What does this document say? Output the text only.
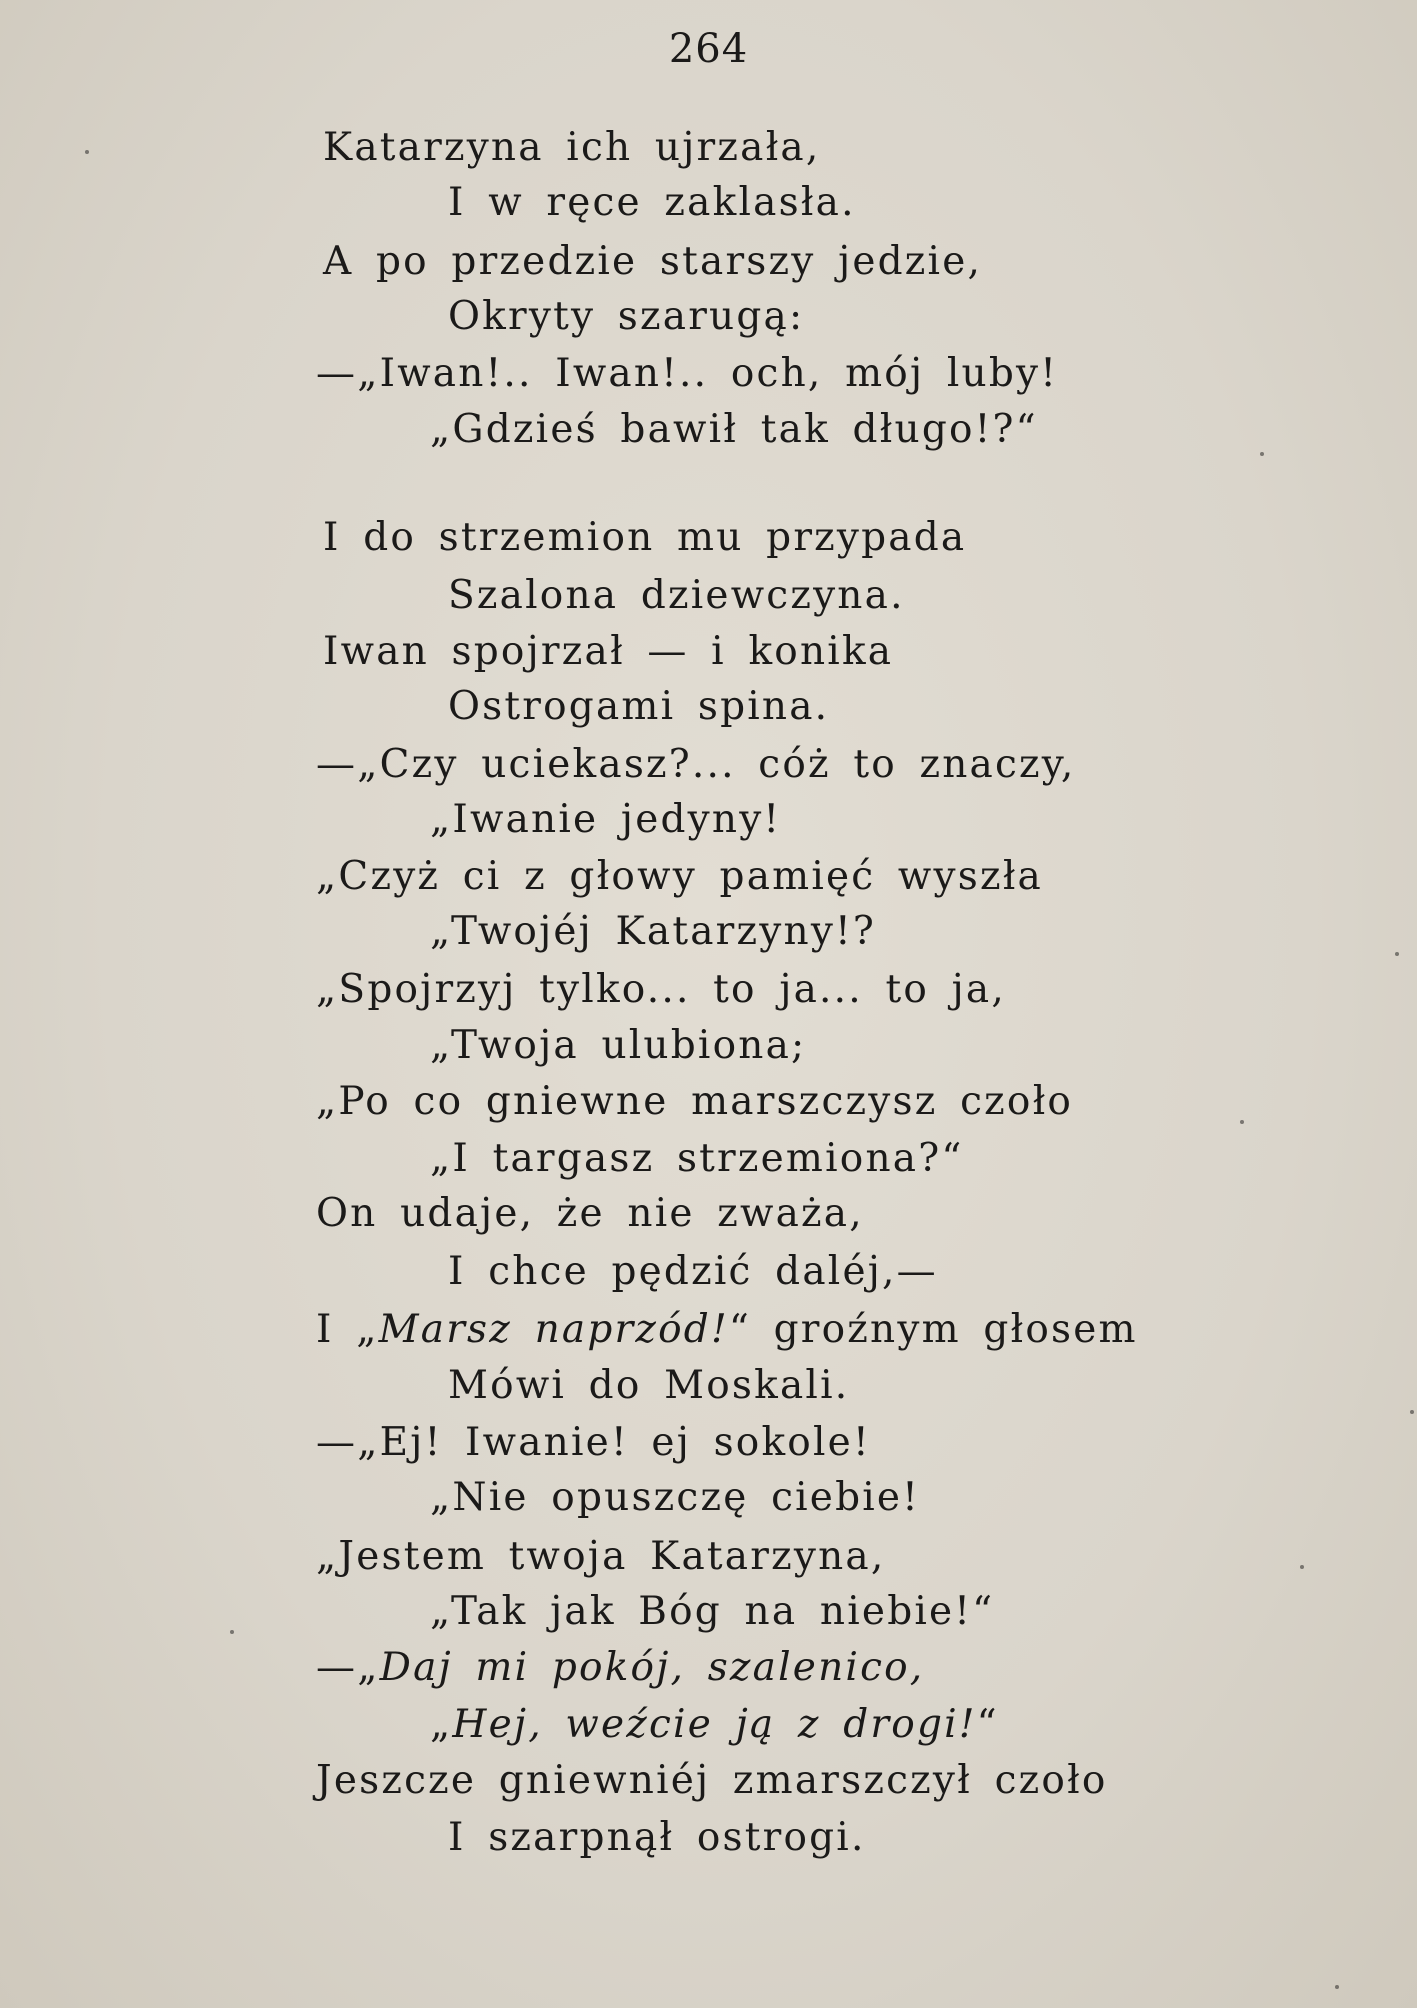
264
Katarzyna ich ujrzała,
I w ręce zaklasła.
A po przedzie starszy jedzie,
Okryty szarugą:
—„Iwan!.. Iwan!.. och, mój luby!
„Gdzieś bawił tak długo!?“
I do strzemion mu przypada
Szalona dziewczyna.
Iwan spojrzał — i konika
Ostrogami spina.
—„Czy uciekasz?... cóż to znaczy,
„Iwanie jedyny!
„Czyż ci z głowy pamięć wyszła
„Twojéj Katarzyny!?
„Spojrzyj tylko... to ja... to ja,
„Twoja ulubiona;
„Po co gniewne marszczysz czoło
„I targasz strzemiona?“
On udaje, że nie zważa,
I chce pędzić daléj,—
I „Marsz naprzód!“ groźnym głosem
Mówi do Moskali.
—„Ej! Iwanie! ej sokole!
„Nie opuszczę ciebie!
„Jestem twoja Katarzyna,
„Tak jak Bóg na niebie!“
—„Daj mi pokój, szalenico,
„Hej, weźcie ją z drogi!“
Jeszcze gniewniéj zmarszczył czoło
I szarpnął ostrogi.
